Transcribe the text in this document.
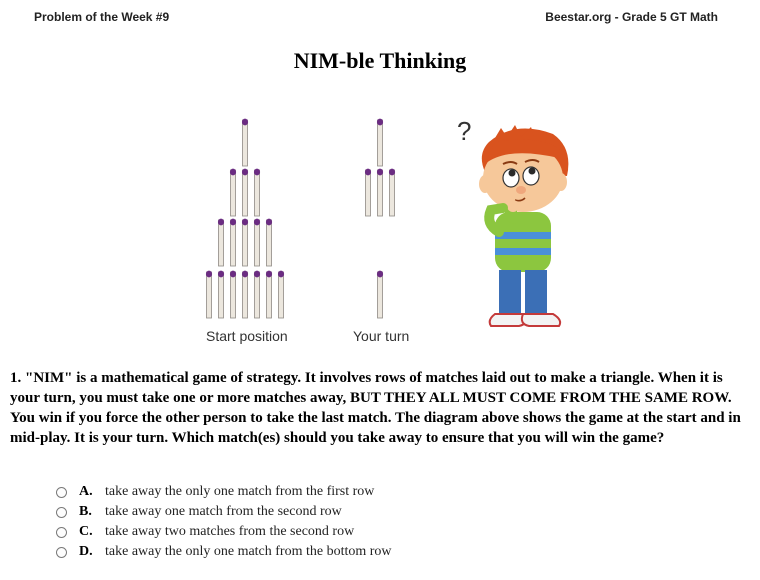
Problem of the Week #9	Beestar.org - Grade 5 GT Math
NIM-ble Thinking
Start position	Your turn
?
1. "NIM" is a mathematical game of strategy. It involves rows of matches laid out to make a triangle. When it is your turn, you must take one or more matches away, BUT THEY ALL MUST COME FROM THE SAME ROW. You win if you force the other person to take the last match. The diagram above shows the game at the start and in mid-play. It is your turn. Which match(es) should you take away to ensure that you will win the game?
A. take away the only one match from the first row
B. take away one match from the second row
C. take away two matches from the second row
D. take away the only one match from the bottom row
